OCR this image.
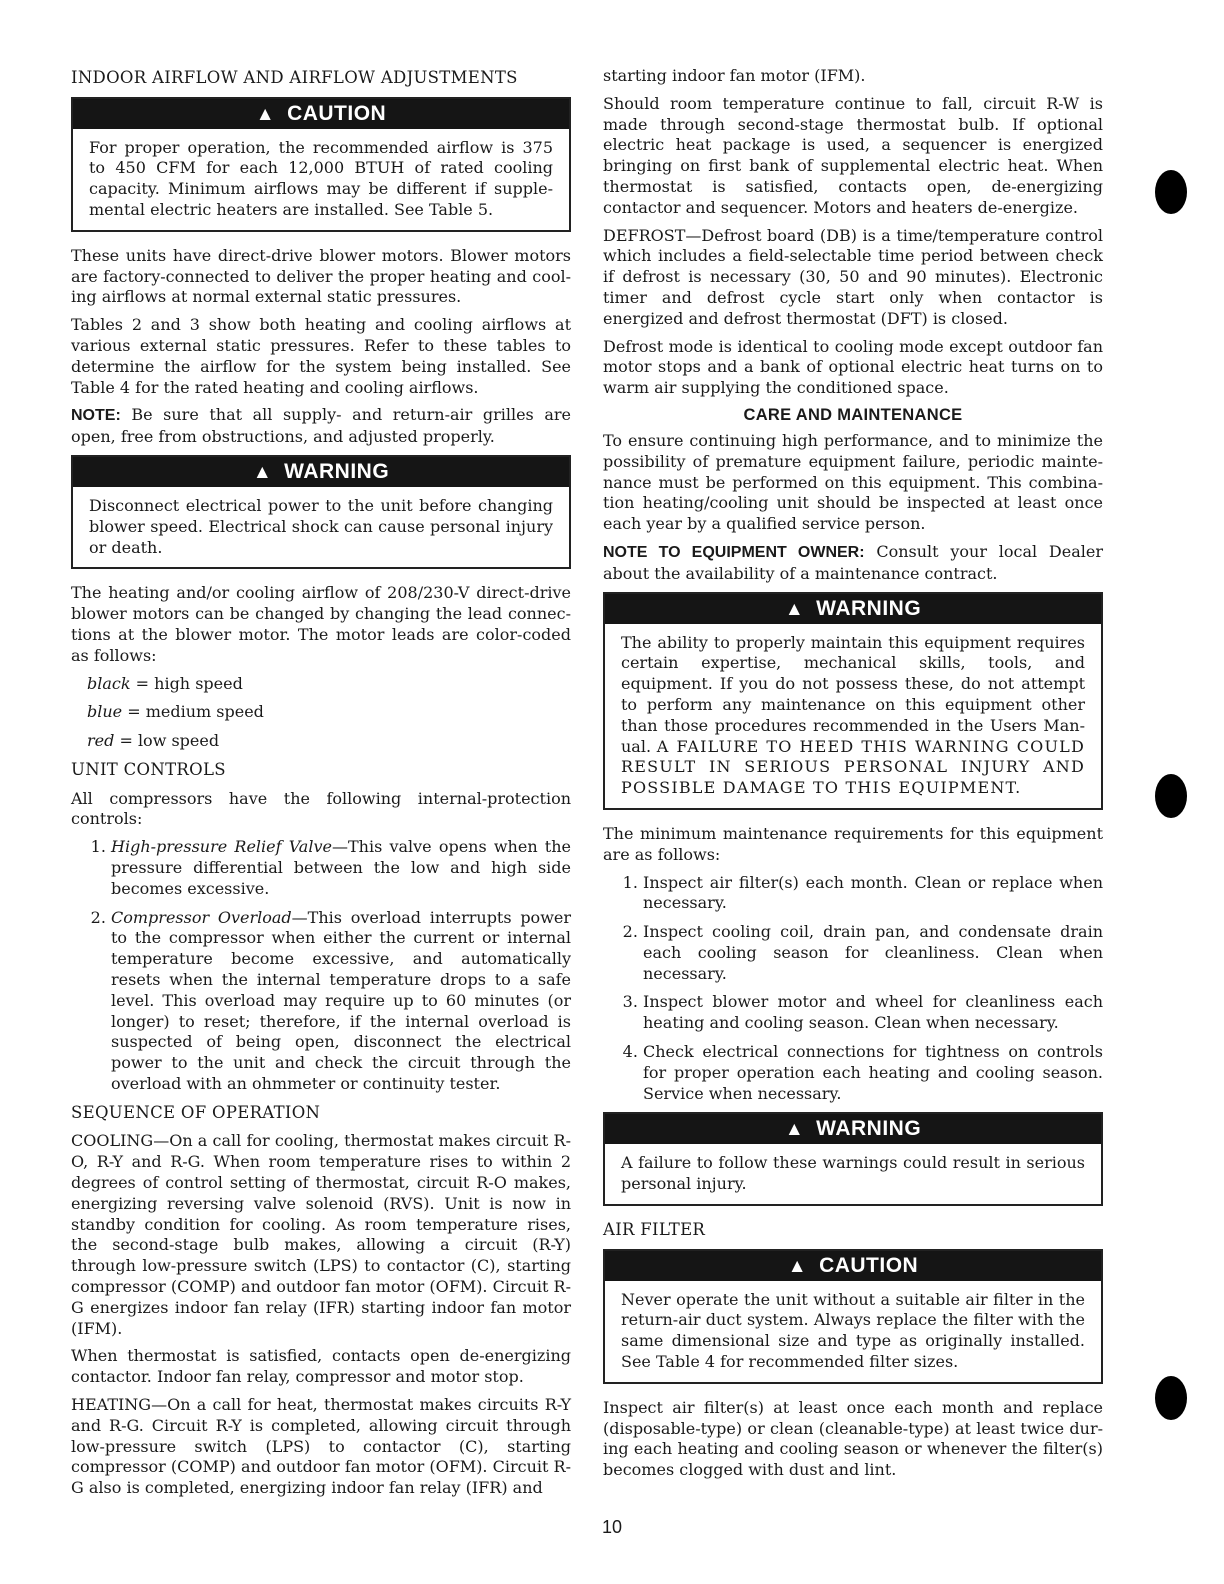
INDOOR AIRFLOW AND AIRFLOW ADJUSTMENTS
▲ CAUTION
For proper operation, the recommended airflow is 375 to 450 CFM for each 12,000 BTUH of rated cooling capacity. Minimum airflows may be different if supplemental electric heaters are installed. See Table 5.

These units have direct-drive blower motors. Blower motors are factory-connected to deliver the proper heating and cooling airflows at normal external static pressures.

Tables 2 and 3 show both heating and cooling airflows at various external static pressures. Refer to these tables to determine the airflow for the system being installed. See Table 4 for the rated heating and cooling airflows.

NOTE: Be sure that all supply- and return-air grilles are open, free from obstructions, and adjusted properly.

▲ WARNING
Disconnect electrical power to the unit before changing blower speed. Electrical shock can cause personal injury or death.

The heating and/or cooling airflow of 208/230-V direct-drive blower motors can be changed by changing the lead connections at the blower motor. The motor leads are color-coded as follows:

black = high speed
blue = medium speed
red = low speed
UNIT CONTROLS

All compressors have the following internal-protection controls:

1. High-pressure Relief Valve—This valve opens when the pressure differential between the low and high side becomes excessive.
2. Compressor Overload—This overload interrupts power to the compressor when either the current or internal temperature become excessive, and automatically resets when the internal temperature drops to a safe level. This overload may require up to 60 minutes (or longer) to reset; therefore, if the internal overload is suspected of being open, disconnect the electrical power to the unit and check the circuit through the overload with an ohmmeter or continuity tester.
SEQUENCE OF OPERATION

COOLING—On a call for cooling, thermostat makes circuit R-O, R-Y and R-G. When room temperature rises to within 2 degrees of control setting of thermostat, circuit R-O makes, energizing reversing valve solenoid (RVS). Unit is now in standby condition for cooling. As room temperature rises, the second-stage bulb makes, allowing a circuit (R-Y) through low-pressure switch (LPS) to contactor (C), starting compressor (COMP) and outdoor fan motor (OFM). Circuit R-G energizes indoor fan relay (IFR) starting indoor fan motor (IFM).

When thermostat is satisfied, contacts open de-energizing contactor. Indoor fan relay, compressor and motor stop.

HEATING—On a call for heat, thermostat makes circuits R-Y and R-G. Circuit R-Y is completed, allowing circuit through low-pressure switch (LPS) to contactor (C), starting compressor (COMP) and outdoor fan motor (OFM). Circuit R-G also is completed, energizing indoor fan relay (IFR) and

starting indoor fan motor (IFM).

Should room temperature continue to fall, circuit R-W is made through second-stage thermostat bulb. If optional electric heat package is used, a sequencer is energized bringing on first bank of supplemental electric heat. When thermostat is satisfied, contacts open, de-energizing contactor and sequencer. Motors and heaters de-energize.

DEFROST—Defrost board (DB) is a time/temperature control which includes a field-selectable time period between check if defrost is necessary (30, 50 and 90 minutes). Electronic timer and defrost cycle start only when contactor is energized and defrost thermostat (DFT) is closed.

Defrost mode is identical to cooling mode except outdoor fan motor stops and a bank of optional electric heat turns on to warm air supplying the conditioned space.

CARE AND MAINTENANCE

To ensure continuing high performance, and to minimize the possibility of premature equipment failure, periodic maintenance must be performed on this equipment. This combination heating/cooling unit should be inspected at least once each year by a qualified service person.

NOTE TO EQUIPMENT OWNER: Consult your local Dealer about the availability of a maintenance contract.

▲ WARNING
The ability to properly maintain this equipment requires certain expertise, mechanical skills, tools, and equipment. If you do not possess these, do not attempt to perform any maintenance on this equipment other than those procedures recommended in the Users Manual. A FAILURE TO HEED THIS WARNING COULD RESULT IN SERIOUS PERSONAL INJURY AND POSSIBLE DAMAGE TO THIS EQUIPMENT.

The minimum maintenance requirements for this equipment are as follows:

1. Inspect air filter(s) each month. Clean or replace when necessary.
2. Inspect cooling coil, drain pan, and condensate drain each cooling season for cleanliness. Clean when necessary.
3. Inspect blower motor and wheel for cleanliness each heating and cooling season. Clean when necessary.
4. Check electrical connections for tightness on controls for proper operation each heating and cooling season. Service when necessary.
▲ WARNING
A failure to follow these warnings could result in serious personal injury.
AIR FILTER
▲ CAUTION
Never operate the unit without a suitable air filter in the return-air duct system. Always replace the filter with the same dimensional size and type as originally installed. See Table 4 for recommended filter sizes.

Inspect air filter(s) at least once each month and replace (disposable-type) or clean (cleanable-type) at least twice during each heating and cooling season or whenever the filter(s) becomes clogged with dust and lint.

10
